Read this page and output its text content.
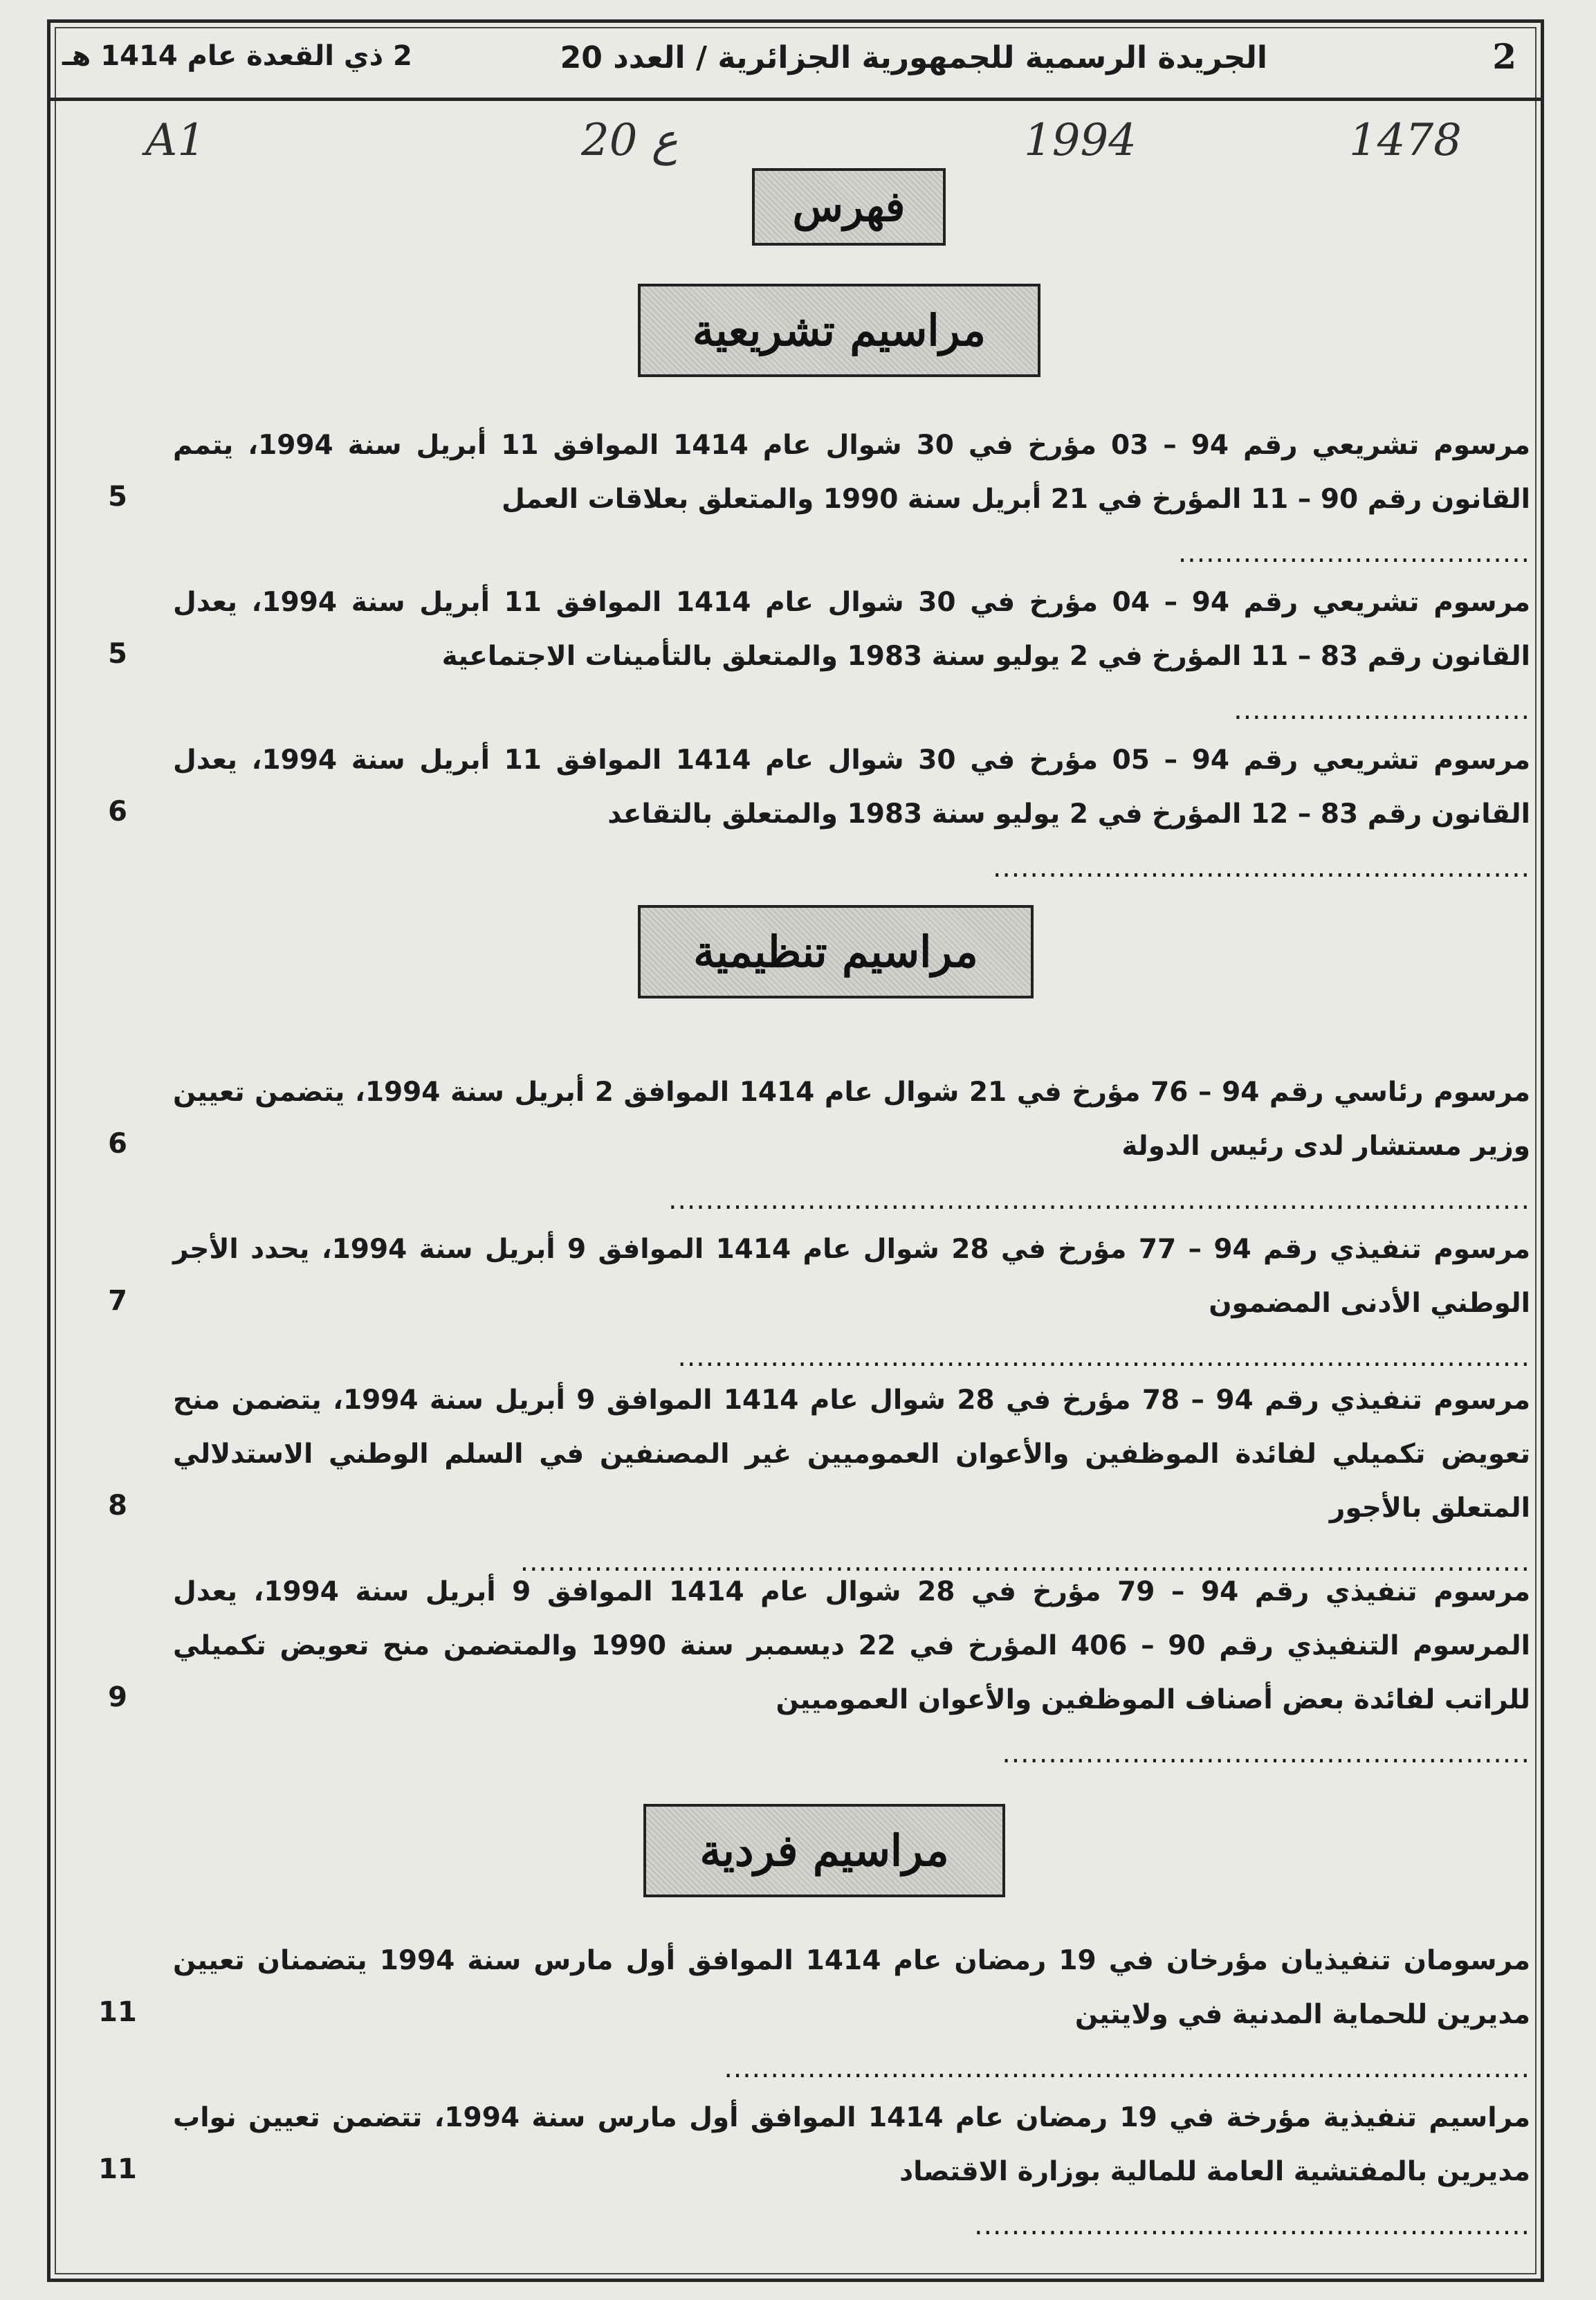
2
الجريدة الرسمية للجمهورية الجزائرية / العدد 20
2 ذي القعدة عام 1414 هـ
A1	20 ع	1994	1478
فهرس
مراسيم تشريعية
مرسوم تشريعي رقم 94 – 03 مؤرخ في 30 شوال عام 1414 الموافق 11 أبريل سنة 1994، يتمم القانون رقم 90 – 11 المؤرخ في 21 أبريل سنة 1990 والمتعلق بعلاقات العمل
......................................
5
مرسوم تشريعي رقم 94 – 04 مؤرخ في 30 شوال عام 1414 الموافق 11 أبريل سنة 1994، يعدل القانون رقم 83 – 11 المؤرخ في 2 يوليو سنة 1983 والمتعلق بالتأمينات الاجتماعية
................................
5
مرسوم تشريعي رقم 94 – 05 مؤرخ في 30 شوال عام 1414 الموافق 11 أبريل سنة 1994، يعدل القانون رقم 83 – 12 المؤرخ في 2 يوليو سنة 1983 والمتعلق بالتقاعد
..........................................................
6
مراسيم تنظيمية
مرسوم رئاسي رقم 94 – 76 مؤرخ في 21 شوال عام 1414 الموافق 2 أبريل سنة 1994، يتضمن تعيين وزير مستشار لدى رئيس الدولة
.............................................................................................
6
مرسوم تنفيذي رقم 94 – 77 مؤرخ في 28 شوال عام 1414 الموافق 9 أبريل سنة 1994، يحدد الأجر الوطني الأدنى المضمون
............................................................................................
7
مرسوم تنفيذي رقم 94 – 78 مؤرخ في 28 شوال عام 1414 الموافق 9 أبريل سنة 1994، يتضمن منح تعويض تكميلي لفائدة الموظفين والأعوان العموميين غير المصنفين في السلم الوطني الاستدلالي المتعلق بالأجور
.............................................................................................................
8
مرسوم تنفيذي رقم 94 – 79 مؤرخ في 28 شوال عام 1414 الموافق 9 أبريل سنة 1994، يعدل المرسوم التنفيذي رقم 90 – 406 المؤرخ في 22 ديسمبر سنة 1990 والمتضمن منح تعويض تكميلي للراتب لفائدة بعض أصناف الموظفين والأعوان العموميين
.........................................................
9
مراسيم فردية
مرسومان تنفيذيان مؤرخان في 19 رمضان عام 1414 الموافق أول مارس سنة 1994 يتضمنان تعيين مديرين للحماية المدنية في ولايتين
.......................................................................................
11
مراسيم تنفيذية مؤرخة في 19 رمضان عام 1414 الموافق أول مارس سنة 1994، تتضمن تعيين نواب مديرين بالمفتشية العامة للمالية بوزارة الاقتصاد
............................................................
11
